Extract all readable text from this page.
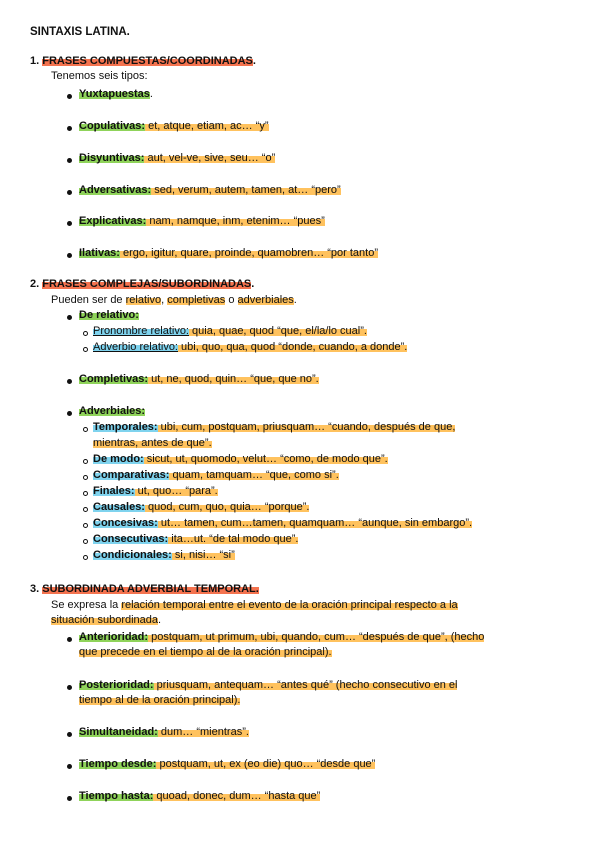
SINTAXIS LATINA.
1. FRASES COMPUESTAS/COORDINADAS.
Tenemos seis tipos:
Yuxtapuestas.
Copulativas: et, atque, etiam, ac… “y”
Disyuntivas: aut, vel-ve, sive, seu… “o”
Adversativas: sed, verum, autem, tamen, at… “pero”
Explicativas: nam, namque, inm, etenim… “pues”
Ilativas: ergo, igitur, quare, proinde, quamobren… “por tanto”
2. FRASES COMPLEJAS/SUBORDINADAS.
Pueden ser de relativo, completivas o adverbiales.
De relativo:
Pronombre relativo: quia, quae, quod “que, el/la/lo cual”.
Adverbio relativo: ubi, quo, qua, quod “donde, cuando, a donde”.
Completivas: ut, ne, quod, quin… “que, que no”.
Adverbiales:
Temporales: ubi, cum, postquam, priusquam… “cuando, después de que,
mientras, antes de que”.
De modo: sicut, ut, quomodo, velut… “como, de modo que”.
Comparativas: quam, tamquam… “que, como si”.
Finales: ut, quo… “para”.
Causales: quod, cum, quo, quia… “porque”.
Concesivas: ut… tamen, cum…tamen, quamquam… “aunque, sin embargo”.
Consecutivas: ita…ut. “de tal modo que”.
Condicionales: si, nisi… “si”
3. SUBORDINADA ADVERBIAL TEMPORAL.
Se expresa la relación temporal entre el evento de la oración principal respecto a la
situación subordinada.
Anterioridad: postquam, ut primum, ubi, quando, cum… “después de que”, (hecho
que precede en el tiempo al de la oración principal).
Posterioridad: priusquam, antequam… “antes qué” (hecho consecutivo en el
tiempo al de la oración principal).
Simultaneidad: dum… “mientras”.
Tiempo desde: postquam, ut, ex (eo die) quo… “desde que”
Tiempo hasta: quoad, donec, dum… “hasta que”
